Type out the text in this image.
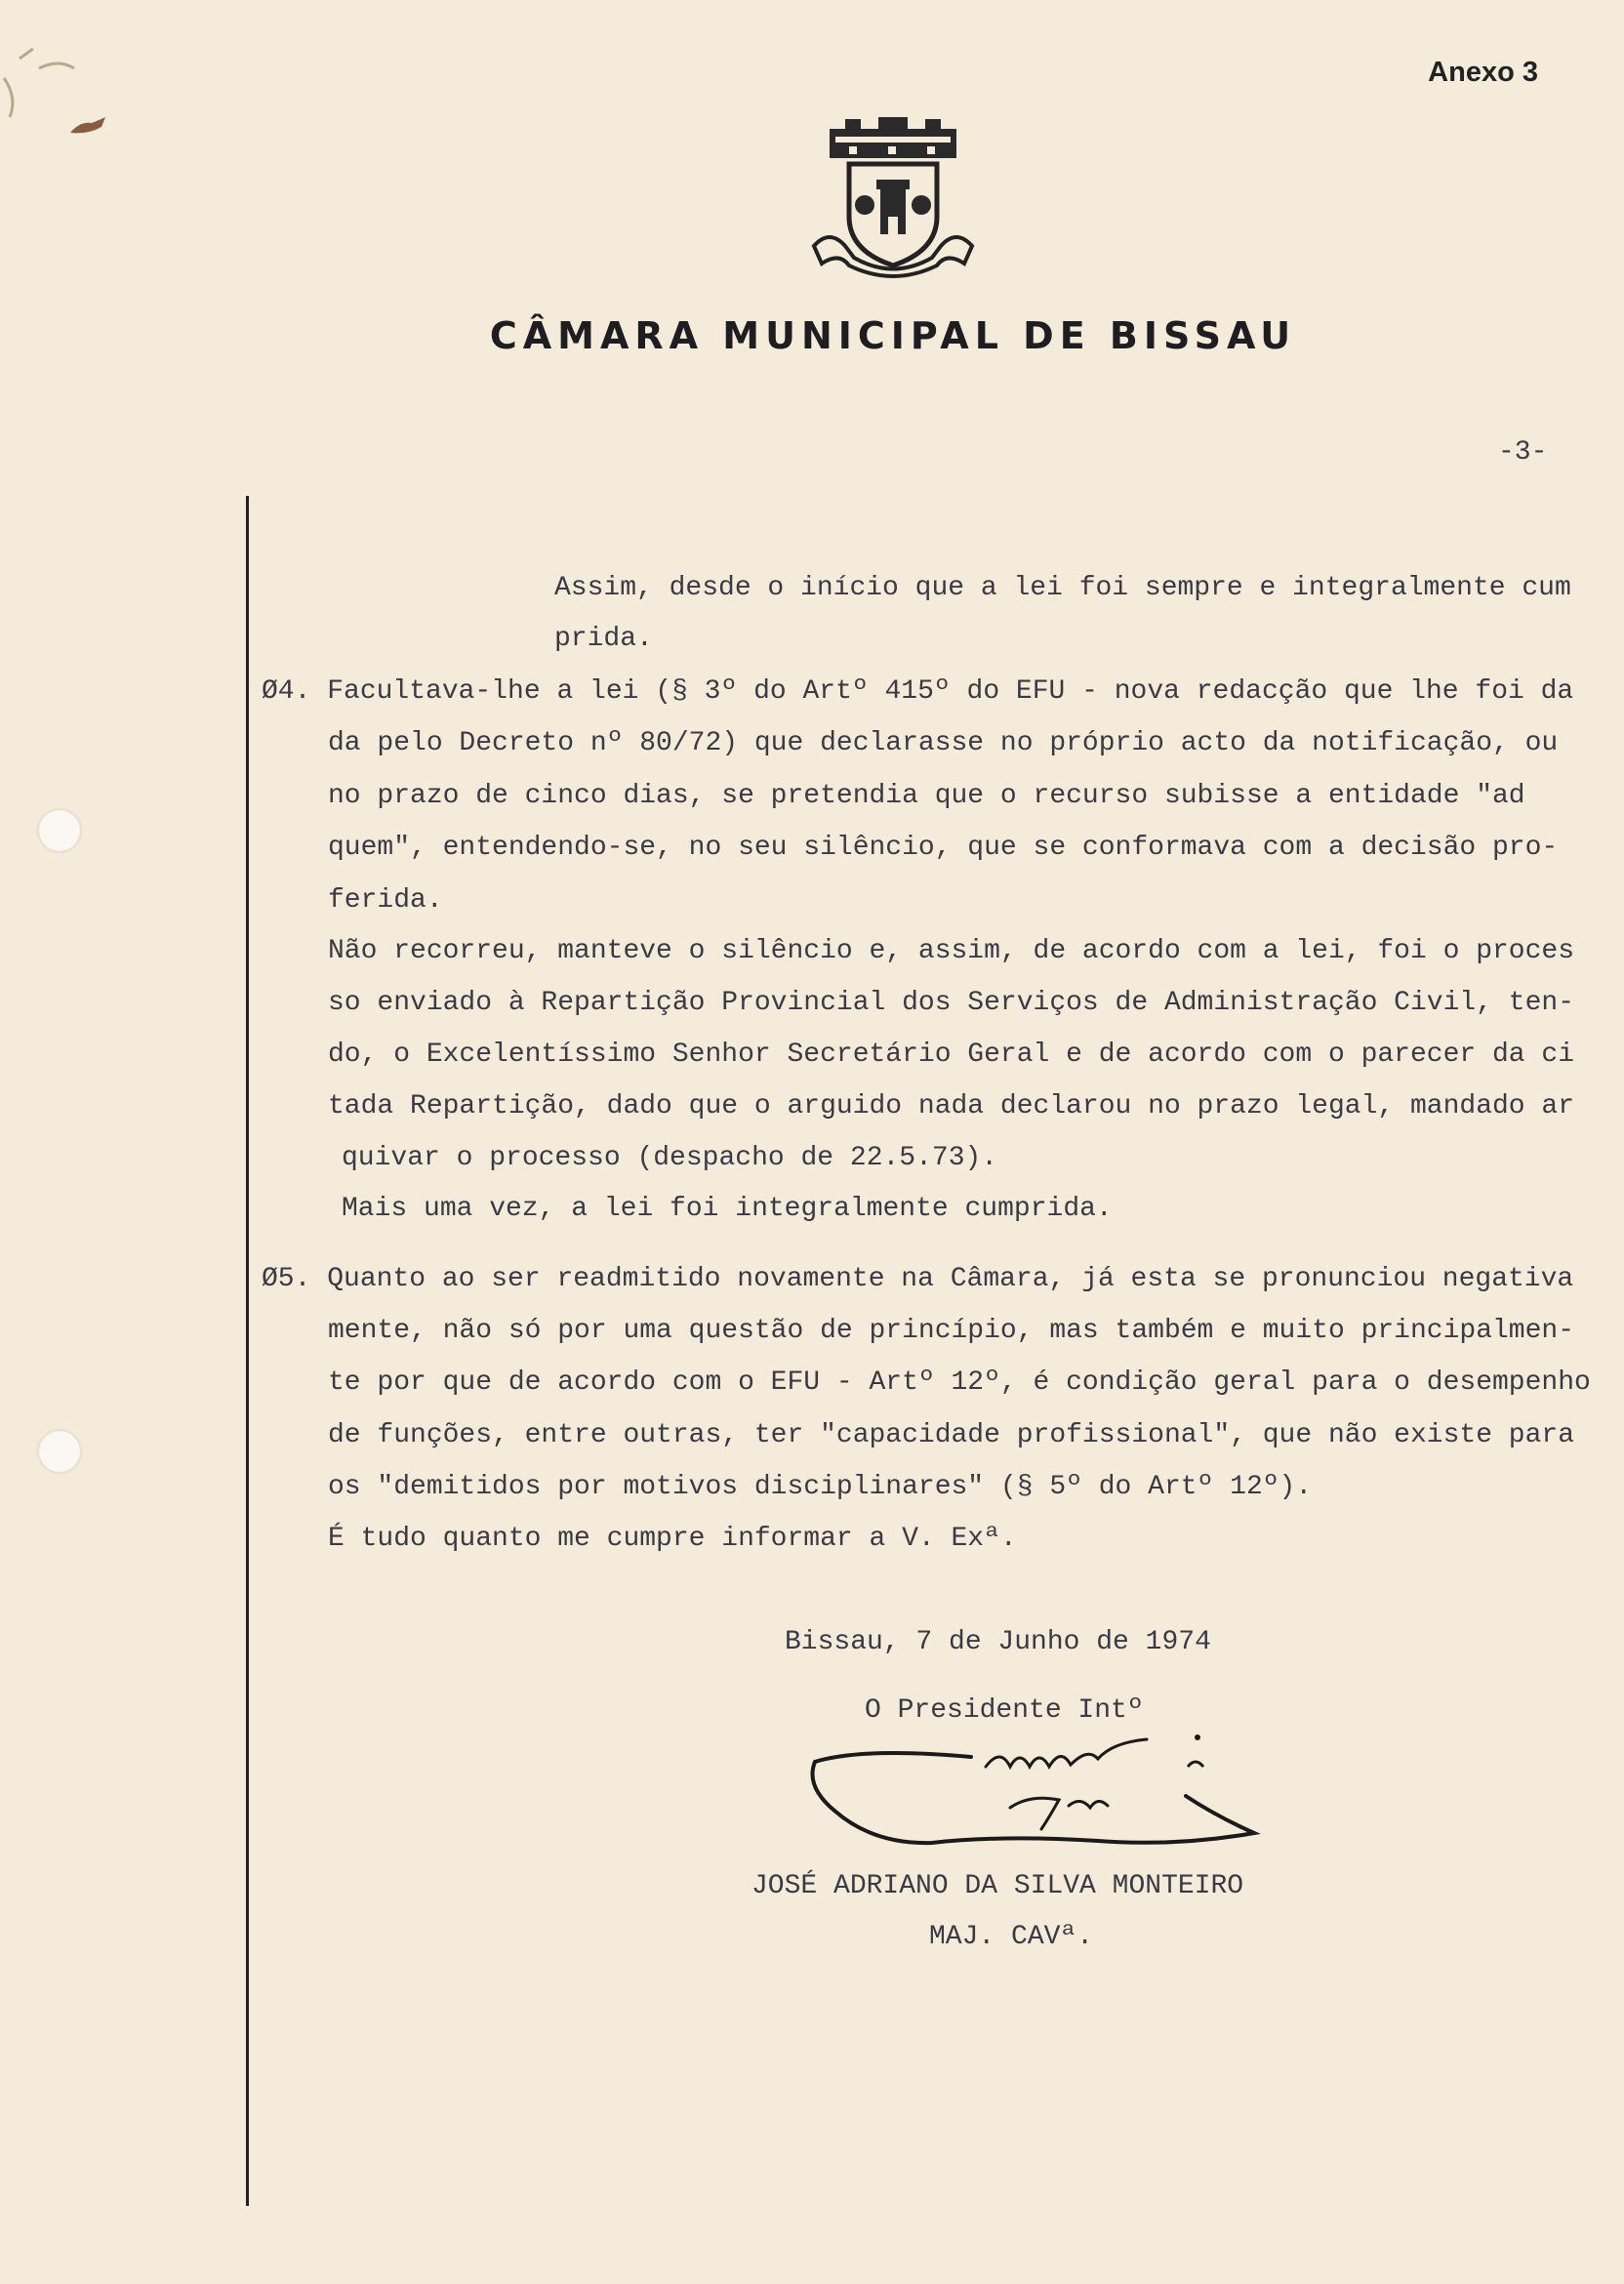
Anexo 3
CÂMARA MUNICIPAL DE BISSAU
-3-
Assim, desde o início que a lei foi sempre e integralmente cum
prida.
Ø4. Facultava-lhe a lei (§ 3º do Artº 415º do EFU - nova redacção que lhe foi da
da pelo Decreto nº 80/72) que declarasse no próprio acto da notificação, ou
no prazo de cinco dias, se pretendia que o recurso subisse a entidade "ad
quem", entendendo-se, no seu silêncio, que se conformava com a decisão pro-
ferida.
Não recorreu, manteve o silêncio e, assim, de acordo com a lei, foi o proces
so enviado à Repartição Provincial dos Serviços de Administração Civil, ten-
do, o Excelentíssimo Senhor Secretário Geral e de acordo com o parecer da ci
tada Repartição, dado que o arguido nada declarou no prazo legal, mandado ar
quivar o processo (despacho de 22.5.73).
Mais uma vez, a lei foi integralmente cumprida.
Ø5. Quanto ao ser readmitido novamente na Câmara, já esta se pronunciou negativa
mente, não só por uma questão de princípio, mas também e muito principalmen-
te por que de acordo com o EFU - Artº 12º, é condição geral para o desempenho
de funções, entre outras, ter "capacidade profissional", que não existe para
os "demitidos por motivos disciplinares" (§ 5º do Artº 12º).
É tudo quanto me cumpre informar a V. Exª.
Bissau, 7 de Junho de 1974
O Presidente Intº
JOSÉ ADRIANO DA SILVA MONTEIRO
MAJ. CAVª.
